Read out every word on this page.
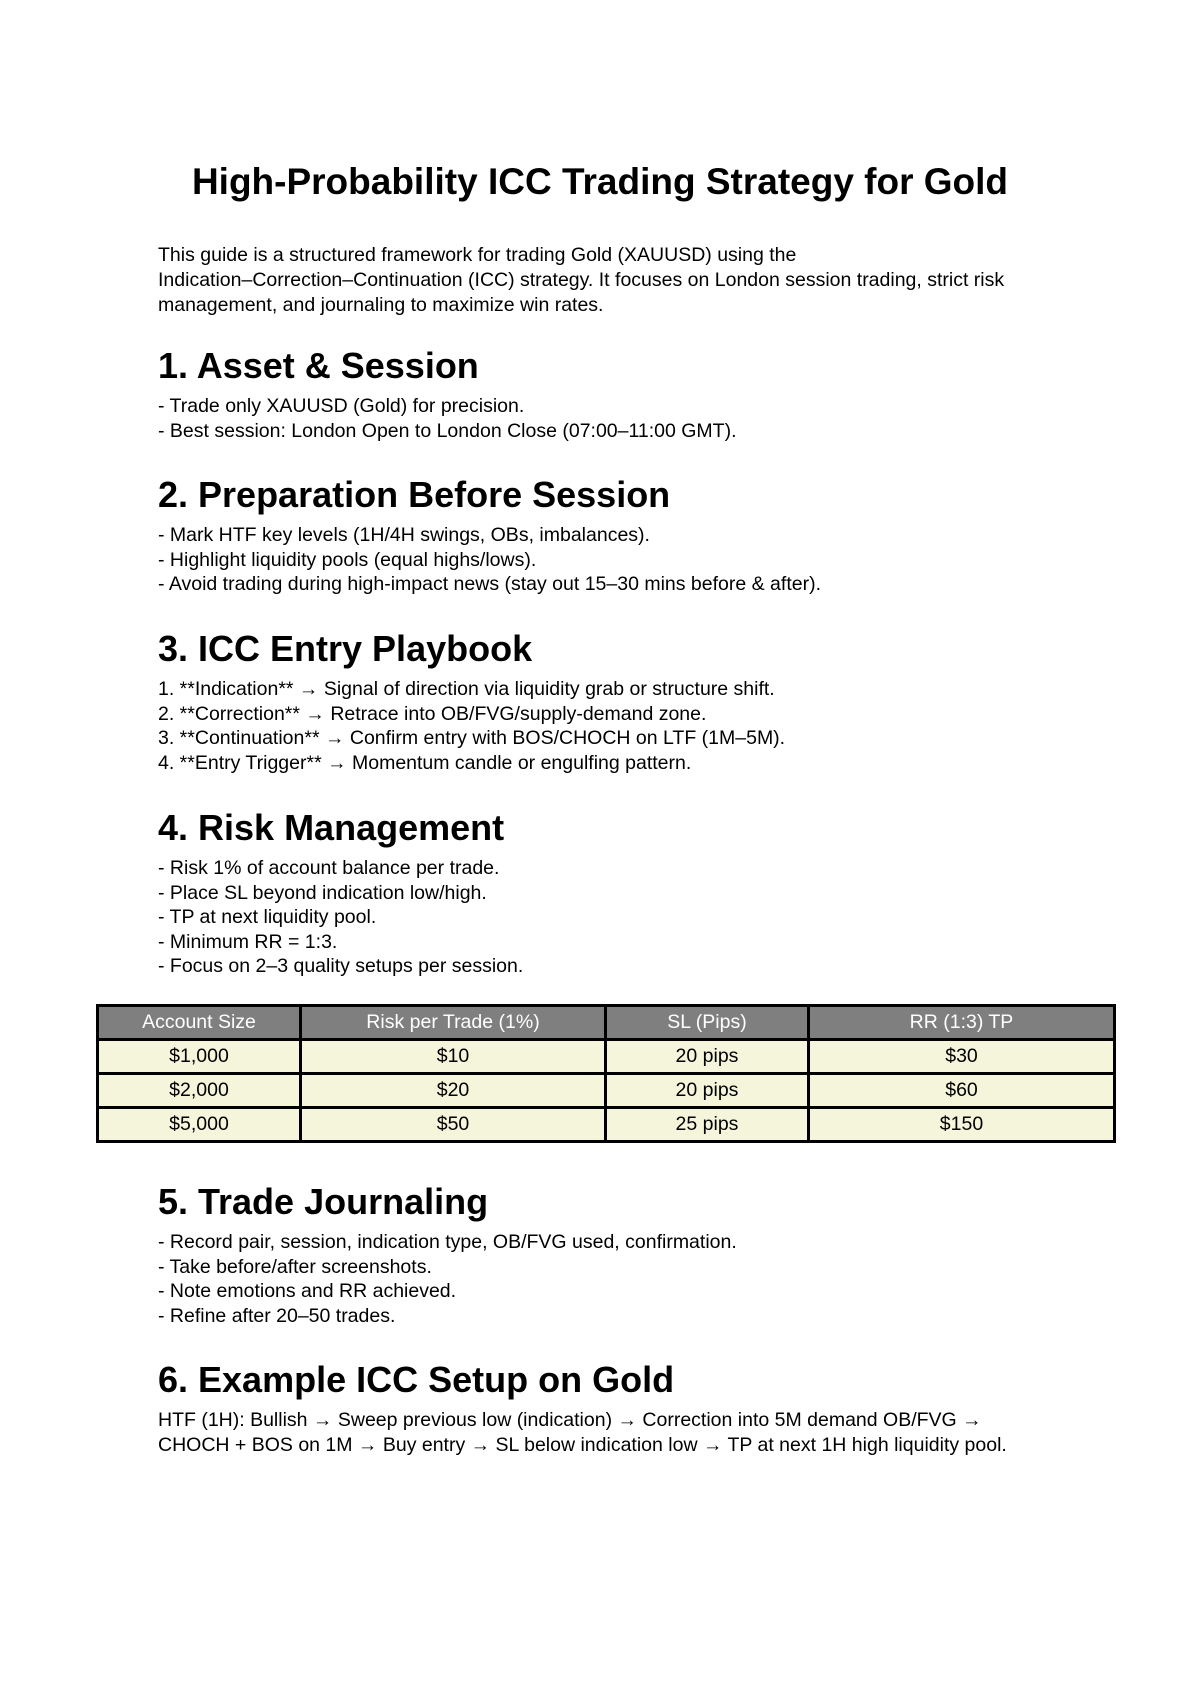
High-Probability ICC Trading Strategy for Gold
This guide is a structured framework for trading Gold (XAUUSD) using the
Indication–Correction–Continuation (ICC) strategy. It focuses on London session trading, strict risk
management, and journaling to maximize win rates.
1. Asset & Session
- Trade only XAUUSD (Gold) for precision.
- Best session: London Open to London Close (07:00–11:00 GMT).
2. Preparation Before Session
- Mark HTF key levels (1H/4H swings, OBs, imbalances).
- Highlight liquidity pools (equal highs/lows).
- Avoid trading during high-impact news (stay out 15–30 mins before & after).
3. ICC Entry Playbook
1. **Indication** → Signal of direction via liquidity grab or structure shift.
2. **Correction** → Retrace into OB/FVG/supply-demand zone.
3. **Continuation** → Confirm entry with BOS/CHOCH on LTF (1M–5M).
4. **Entry Trigger** → Momentum candle or engulfing pattern.
4. Risk Management
- Risk 1% of account balance per trade.
- Place SL beyond indication low/high.
- TP at next liquidity pool.
- Minimum RR = 1:3.
- Focus on 2–3 quality setups per session.
Account Size	Risk per Trade (1%)	SL (Pips)	RR (1:3) TP
$1,000	$10	20 pips	$30
$2,000	$20	20 pips	$60
$5,000	$50	25 pips	$150
5. Trade Journaling
- Record pair, session, indication type, OB/FVG used, confirmation.
- Take before/after screenshots.
- Note emotions and RR achieved.
- Refine after 20–50 trades.
6. Example ICC Setup on Gold
HTF (1H): Bullish → Sweep previous low (indication) → Correction into 5M demand OB/FVG →
CHOCH + BOS on 1M → Buy entry → SL below indication low → TP at next 1H high liquidity pool.
